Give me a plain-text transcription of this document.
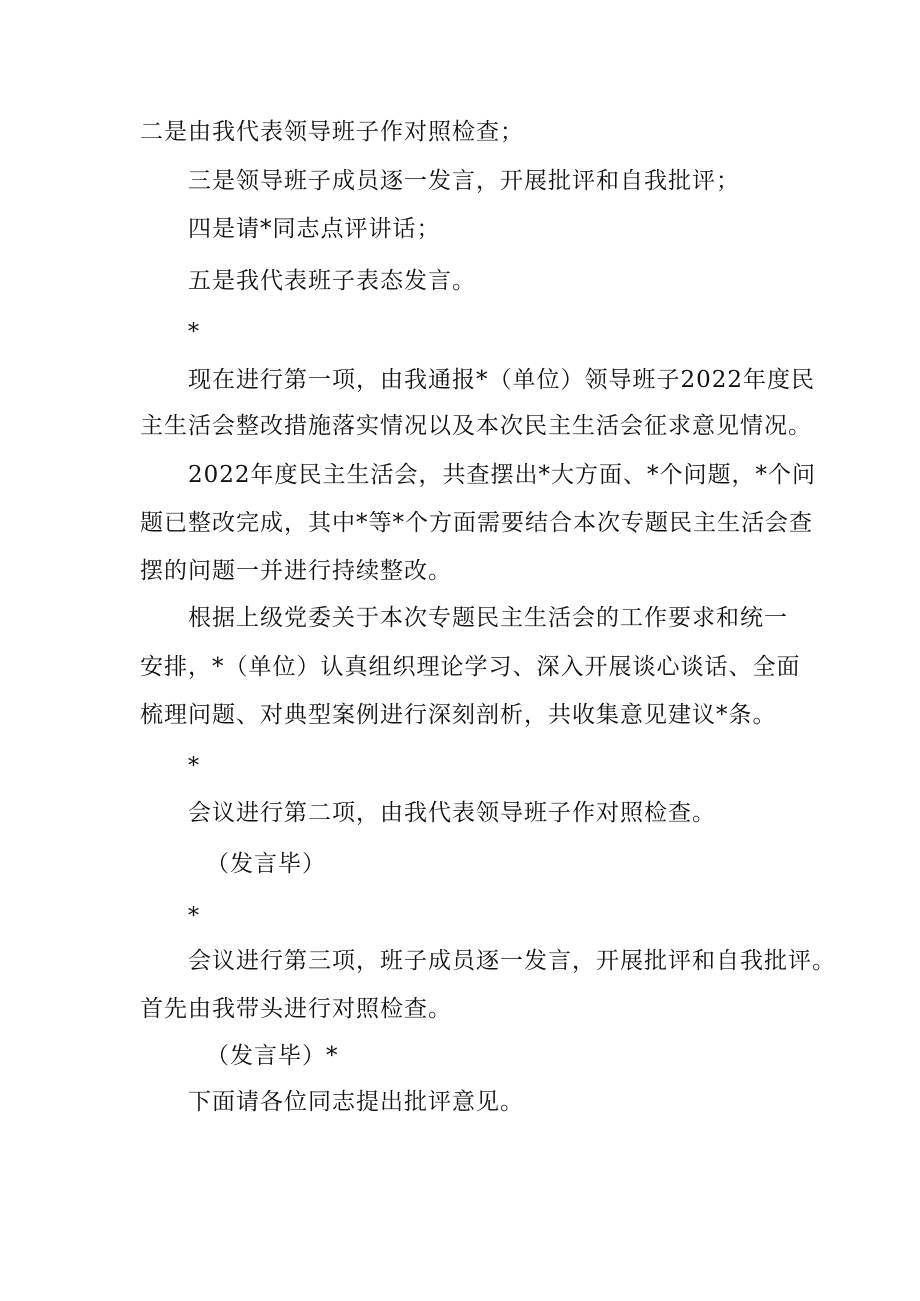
二是由我代表领导班子作对照检查；
三是领导班子成员逐一发言，开展批评和自我批评；
四是请*同志点评讲话；
五是我代表班子表态发言。
*
现在进行第一项，由我通报*（单位）领导班子2022年度民
主生活会整改措施落实情况以及本次民主生活会征求意见情况。
2022年度民主生活会，共查摆出*大方面、*个问题，*个问
题已整改完成，其中*等*个方面需要结合本次专题民主生活会查
摆的问题一并进行持续整改。
根据上级党委关于本次专题民主生活会的工作要求和统一
安排，*（单位）认真组织理论学习、深入开展谈心谈话、全面
梳理问题、对典型案例进行深刻剖析，共收集意见建议*条。
*
会议进行第二项，由我代表领导班子作对照检查。
（发言毕）
*
会议进行第三项，班子成员逐一发言，开展批评和自我批评。
首先由我带头进行对照检查。
（发言毕）*
下面请各位同志提出批评意见。
